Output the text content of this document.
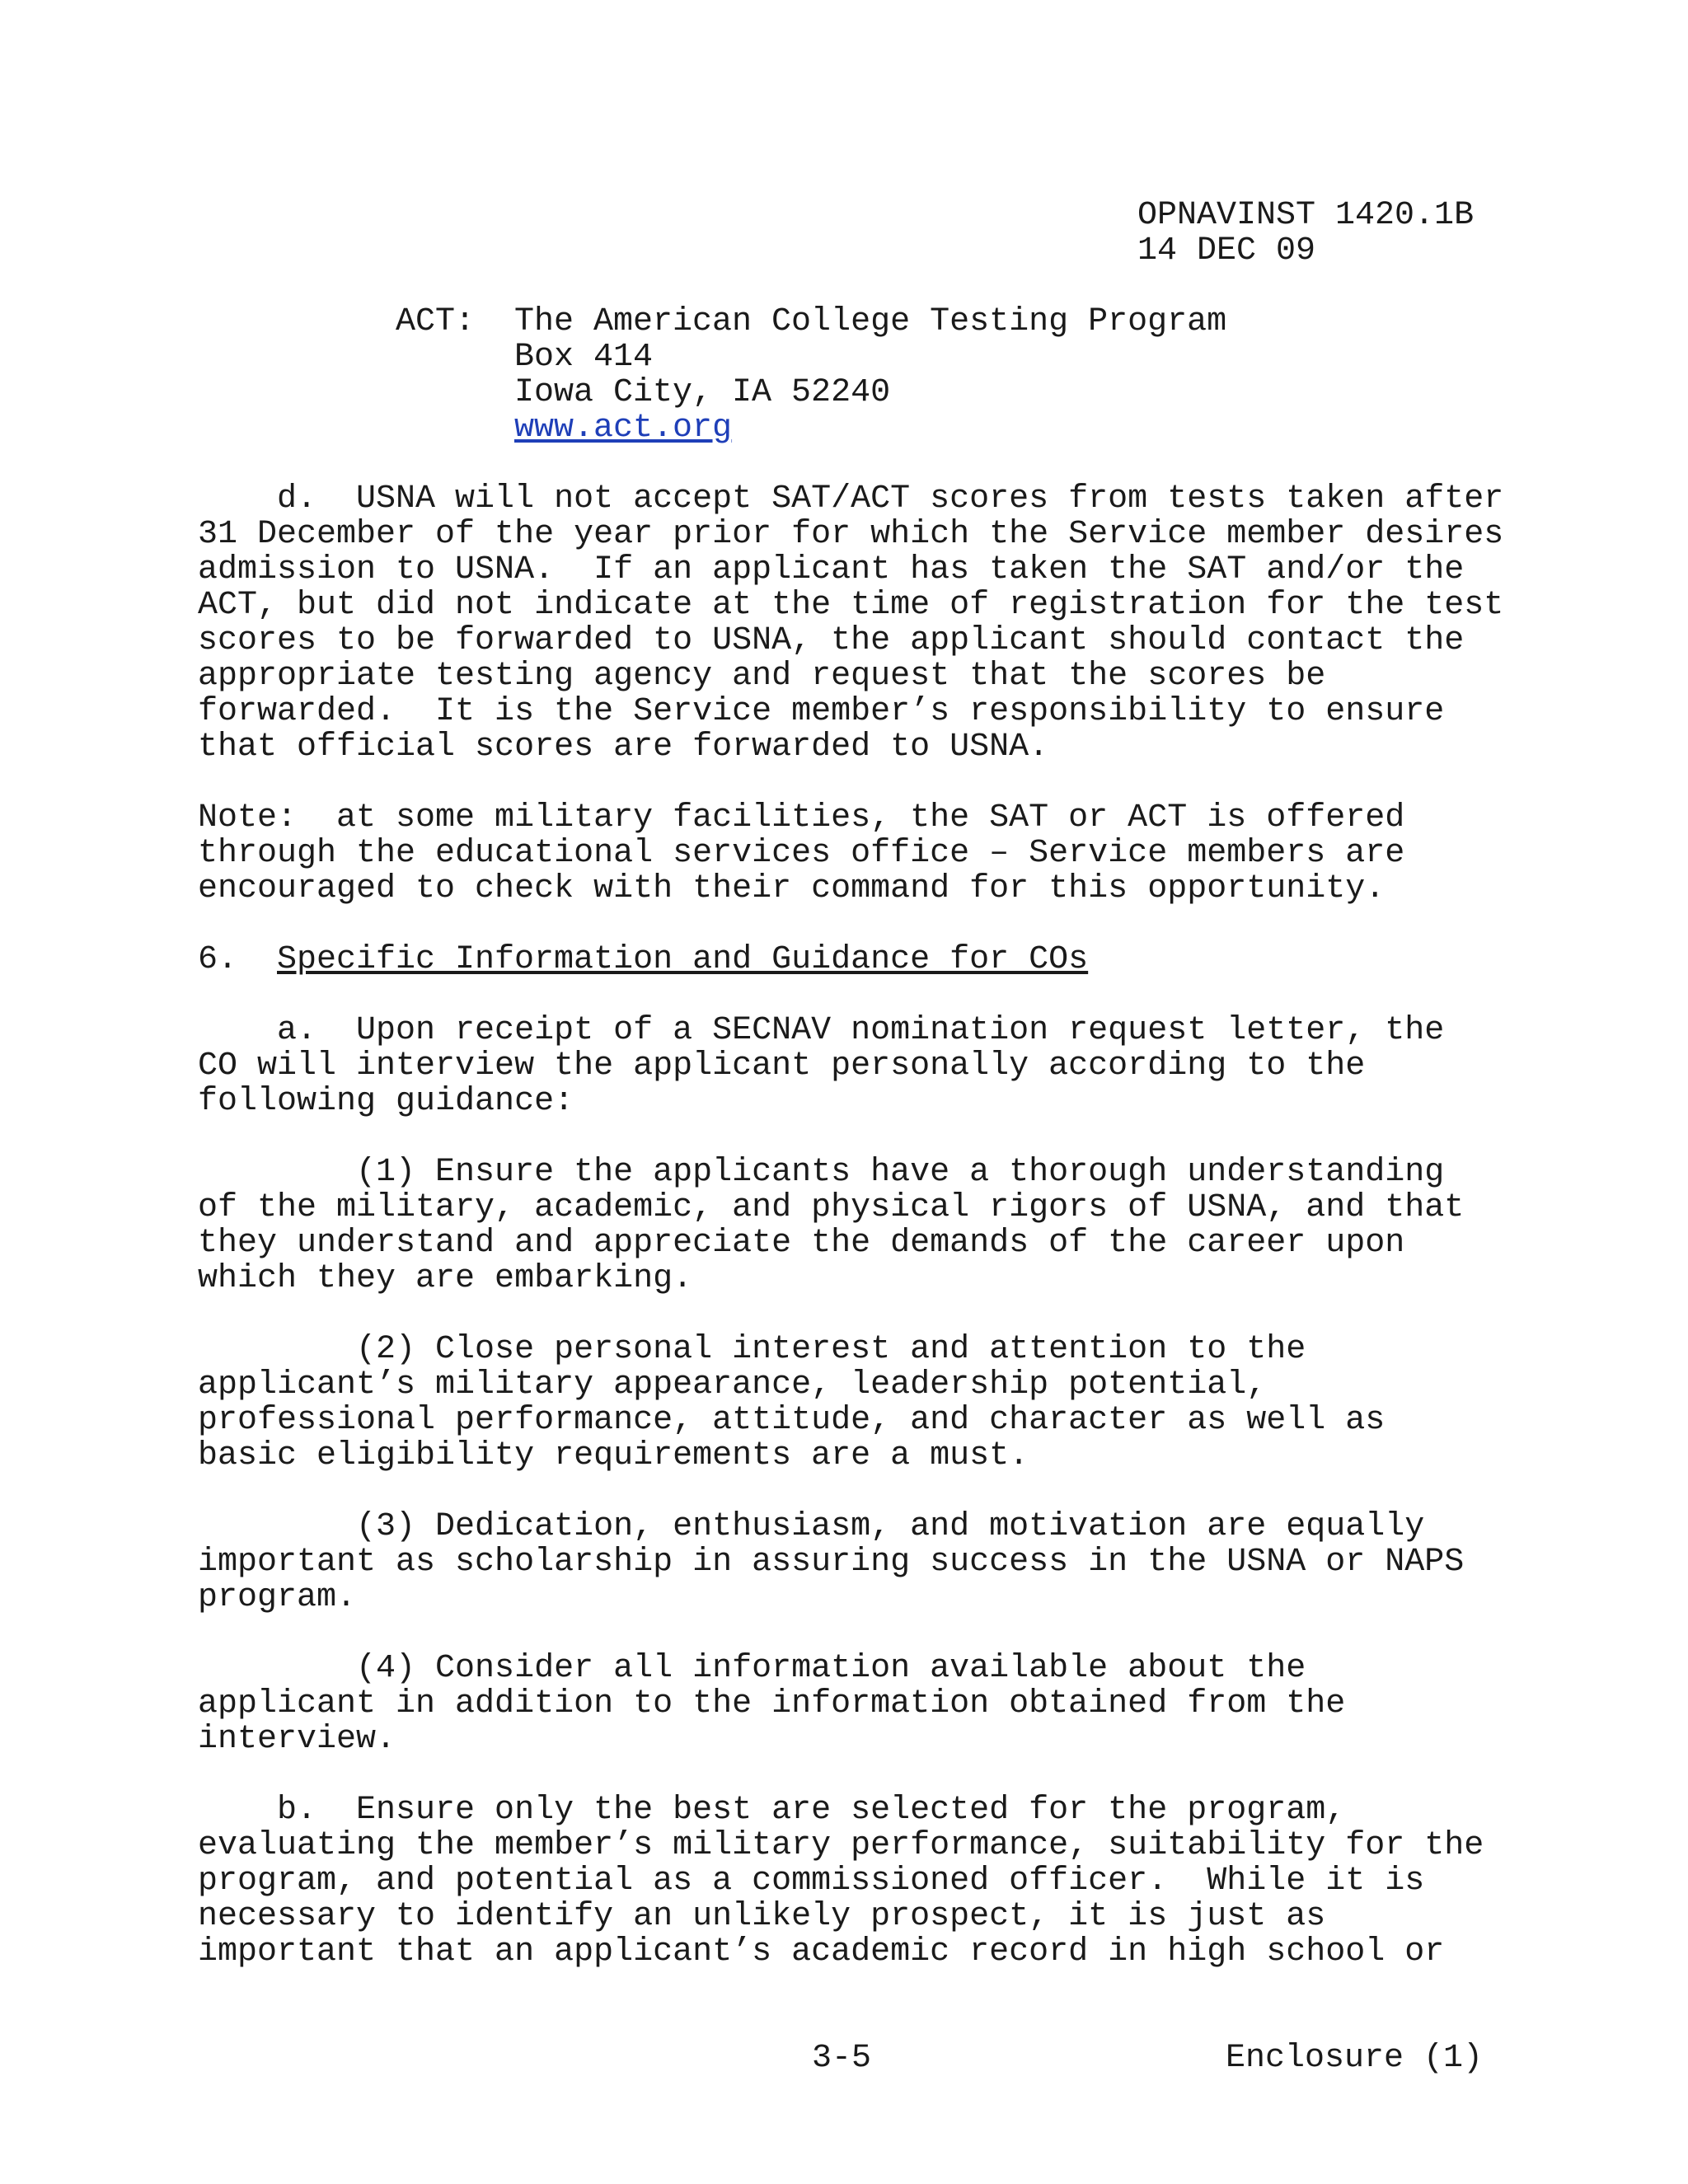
OPNAVINST 1420.1B

14 DEC 09

ACT: The American College Testing Program

Box 414

Iowa City, IA 52240

www.act.org

d.  USNA will not accept SAT/ACT scores from tests taken after

31 December of the year prior for which the Service member desires

admission to USNA.  If an applicant has taken the SAT and/or the

ACT, but did not indicate at the time of registration for the test

scores to be forwarded to USNA, the applicant should contact the

appropriate testing agency and request that the scores be

forwarded.  It is the Service member’s responsibility to ensure

that official scores are forwarded to USNA.

Note:  at some military facilities, the SAT or ACT is offered

through the educational services office – Service members are

encouraged to check with their command for this opportunity.

6. Specific Information and Guidance for COs

a.  Upon receipt of a SECNAV nomination request letter, the

CO will interview the applicant personally according to the

following guidance:

(1) Ensure the applicants have a thorough understanding

of the military, academic, and physical rigors of USNA, and that

they understand and appreciate the demands of the career upon

which they are embarking.

(2) Close personal interest and attention to the

applicant’s military appearance, leadership potential,

professional performance, attitude, and character as well as

basic eligibility requirements are a must.

(3) Dedication, enthusiasm, and motivation are equally

important as scholarship in assuring success in the USNA or NAPS

program.

(4) Consider all information available about the

applicant in addition to the information obtained from the

interview.

b.  Ensure only the best are selected for the program,

evaluating the member’s military performance, suitability for the

program, and potential as a commissioned officer.  While it is

necessary to identify an unlikely prospect, it is just as

important that an applicant’s academic record in high school or

3-5	Enclosure (1)
